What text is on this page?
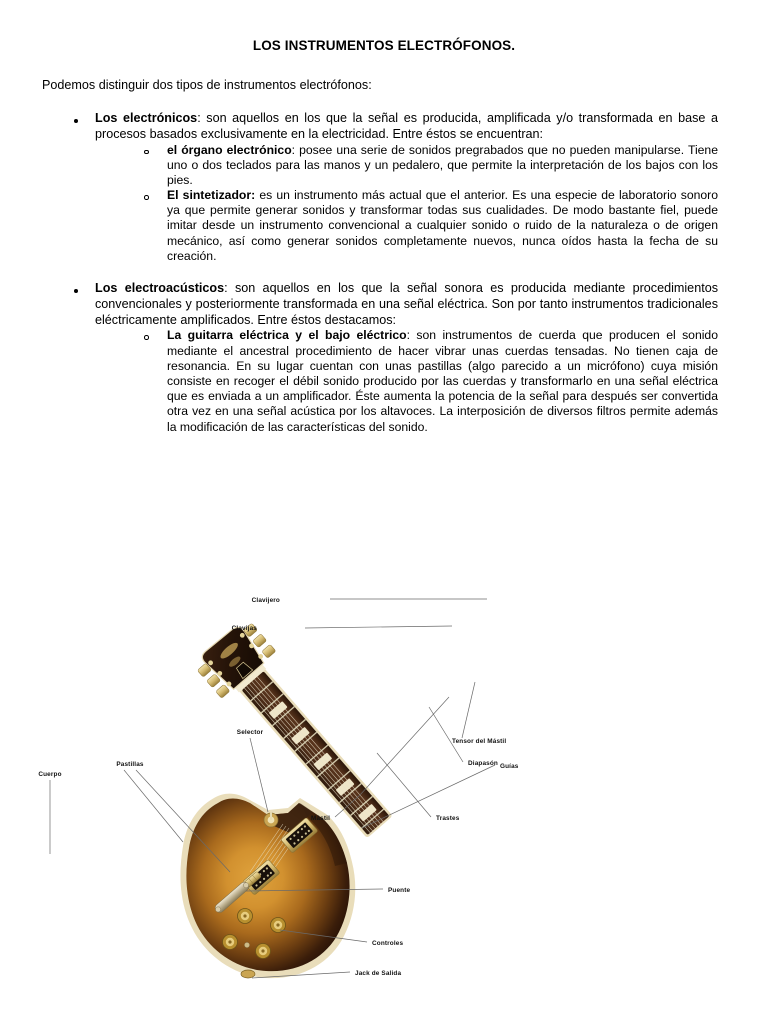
LOS INSTRUMENTOS ELECTRÓFONOS.
Podemos distinguir dos tipos de instrumentos electrófonos:

Los electrónicos: son aquellos en los que la señal es producida, amplificada y/o transformada en base a procesos basados exclusivamente en la electricidad. Entre éstos se encuentran:

el órgano electrónico: posee una serie de sonidos pregrabados que no pueden manipularse. Tiene uno o dos teclados para las manos y un pedalero, que permite la interpretación de los bajos con los pies.

El sintetizador: es un instrumento más actual que el anterior. Es una especie de laboratorio sonoro ya que permite generar sonidos y transformar todas sus cualidades. De modo bastante fiel, puede imitar desde un instrumento convencional a cualquier sonido o ruido de la naturaleza o de origen mecánico, así como generar sonidos completamente nuevos, nunca oídos hasta la fecha de su creación.

Los electroacústicos: son aquellos en los que la señal sonora es producida mediante procedimientos convencionales y posteriormente transformada en una señal eléctrica. Son por tanto instrumentos tradicionales eléctricamente amplificados. Entre éstos destacamos:

La guitarra eléctrica y el bajo eléctrico: son instrumentos de cuerda que producen el sonido mediante el ancestral procedimiento de hacer vibrar unas cuerdas tensadas. No tienen caja de resonancia. En su lugar cuentan con unas pastillas (algo parecido a un micrófono) cuya misión consiste en recoger el débil sonido producido por las cuerdas y transformarlo en una señal eléctrica que es enviada a un amplificador. Éste aumenta la potencia de la señal para después ser convertida otra vez en una señal acústica por los altavoces. La interposición de diversos filtros permite además la modificación de las características del sonido.

Clavijero
Clavijas
Mástil
Tensor del Mástil
Diapasón
Trastes
Guías
Selector
Pastillas
Cuerpo
Puente
Controles
Jack de Salida
